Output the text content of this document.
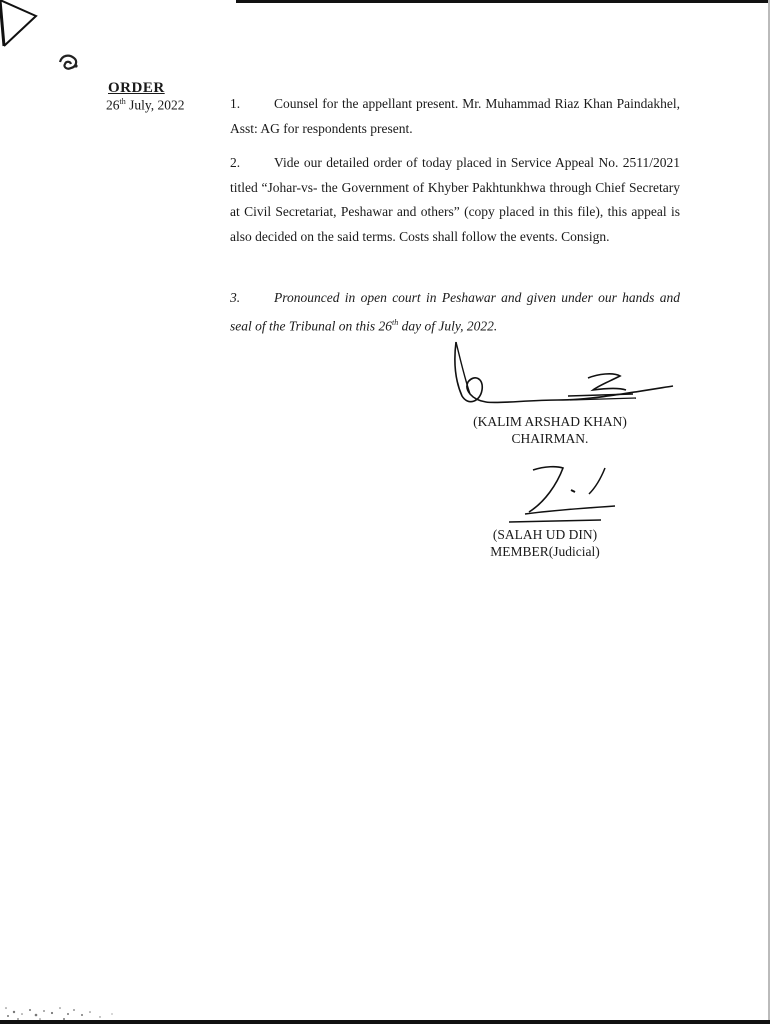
ORDER
26th July, 2022	1.	Counsel for the appellant present. Mr. Muhammad Riaz Khan Paindakhel, Asst: AG for respondents present.
2.	Vide our detailed order of today placed in Service Appeal No. 2511/2021 titled “Johar-vs- the Government of Khyber Pakhtunkhwa through Chief Secretary at Civil Secretariat, Peshawar and others” (copy placed in this file), this appeal is also decided on the said terms. Costs shall follow the events. Consign.
3.	Pronounced in open court in Peshawar and given under our hands and seal of the Tribunal on this 26th day of July, 2022.
(KALIM ARSHAD KHAN)
CHAIRMAN.
(SALAH UD DIN)
MEMBER(Judicial)
